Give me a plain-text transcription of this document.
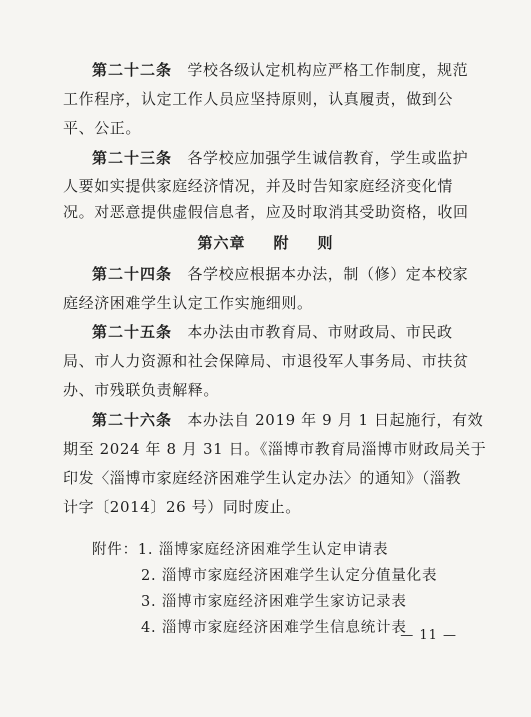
第二十二条 学校各级认定机构应严格工作制度，规范
工作程序，认定工作人员应坚持原则，认真履责，做到公
平、公正。
第二十三条 各学校应加强学生诚信教育，学生或监护
人要如实提供家庭经济情况，并及时告知家庭经济变化情
况。对恶意提供虚假信息者，应及时取消其受助资格，收回
第六章 附 则
第二十四条 各学校应根据本办法，制（修）定本校家
庭经济困难学生认定工作实施细则。
第二十五条 本办法由市教育局、市财政局、市民政
局、市人力资源和社会保障局、市退役军人事务局、市扶贫
办、市残联负责解释。
第二十六条 本办法自 2019 年 9 月 1 日起施行，有效
期至 2024 年 8 月 31 日。《淄博市教育局淄博市财政局关于
印发〈淄博市家庭经济困难学生认定办法〉的通知》（淄教
计字〔2014〕26 号）同时废止。
附件：1. 淄博家庭经济困难学生认定申请表
2. 淄博市家庭经济困难学生认定分值量化表
3. 淄博市家庭经济困难学生家访记录表
4. 淄博市家庭经济困难学生信息统计表
— 11 —
